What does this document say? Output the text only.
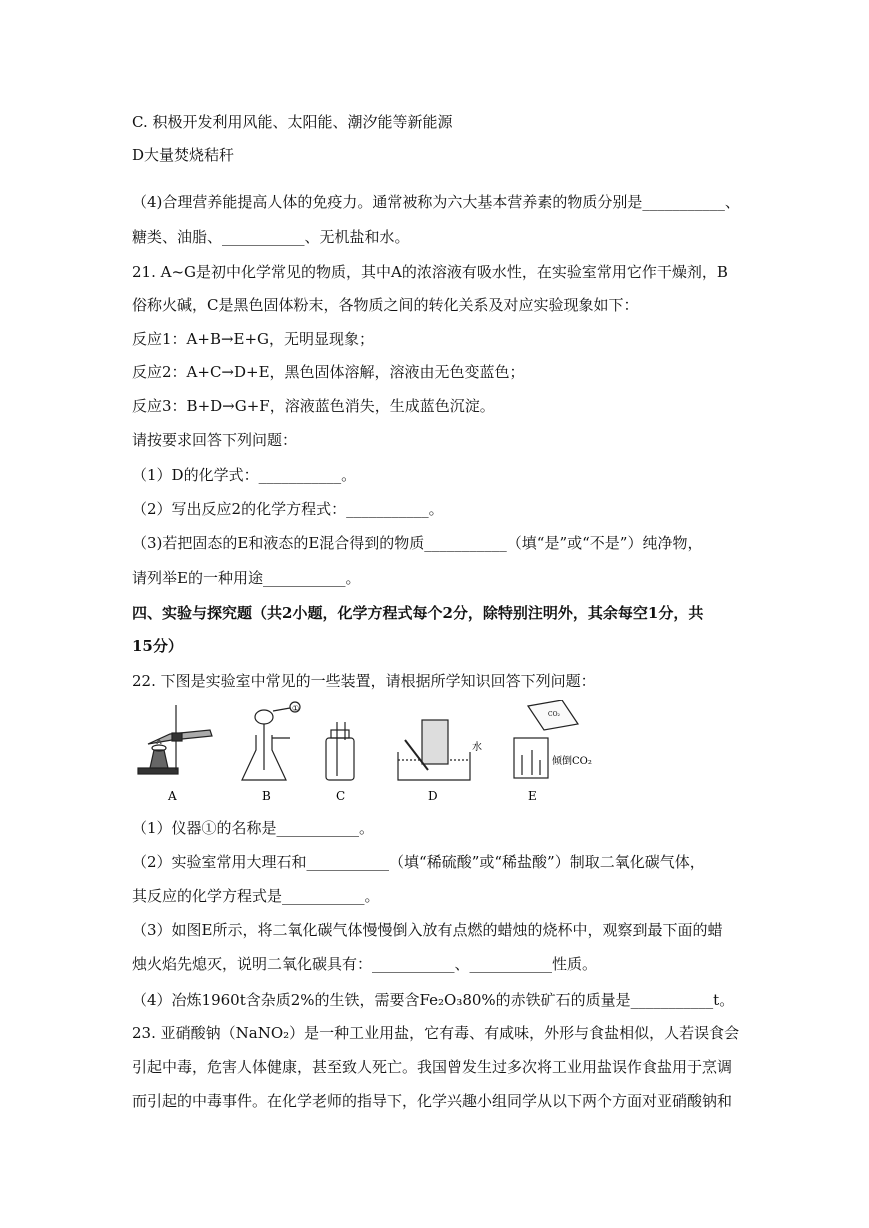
C. 积极开发利用风能、太阳能、潮汐能等新能源
D大量焚烧秸秆
（4)合理营养能提高人体的免疫力。通常被称为六大基本营养素的物质分别是___________、
糖类、油脂、___________、无机盐和水。
21. A~G是初中化学常见的物质，其中A的浓溶液有吸水性，在实验室常用它作干燥剂，B
俗称火碱，C是黑色固体粉末，各物质之间的转化关系及对应实验现象如下：
反应1：A+B→E+G，无明显现象；
反应2：A+C→D+E，黑色固体溶解，溶液由无色变蓝色；
反应3：B+D→G+F，溶液蓝色消失，生成蓝色沉淀。
请按要求回答下列问题：
（1）D的化学式：___________。
（2）写出反应2的化学方程式：___________。
（3)若把固态的E和液态的E混合得到的物质___________（填“是”或“不是”）纯净物，
请列举E的一种用途___________。
四、实验与探究题（共2小题，化学方程式每个2分，除特别注明外，其余每空1分，共
15分）
22. 下图是实验室中常见的一些装置，请根据所学知识回答下列问题：
A
①
B	C
水
D
CO₂
倾倒CO₂
E
（1）仪器①的名称是___________。
（2）实验室常用大理石和___________（填“稀硫酸”或“稀盐酸”）制取二氧化碳气体，
其反应的化学方程式是___________。
（3）如图E所示，将二氧化碳气体慢慢倒入放有点燃的蜡烛的烧杯中，观察到最下面的蜡
烛火焰先熄灭，说明二氧化碳具有：___________、___________性质。
（4）冶炼1960t含杂质2%的生铁，需要含Fe₂O₃80%的赤铁矿石的质量是___________t。
23. 亚硝酸钠（NaNO₂）是一种工业用盐，它有毒、有咸味，外形与食盐相似，人若误食会
引起中毒，危害人体健康，甚至致人死亡。我国曾发生过多次将工业用盐误作食盐用于烹调
而引起的中毒事件。在化学老师的指导下，化学兴趣小组同学从以下两个方面对亚硝酸钠和
